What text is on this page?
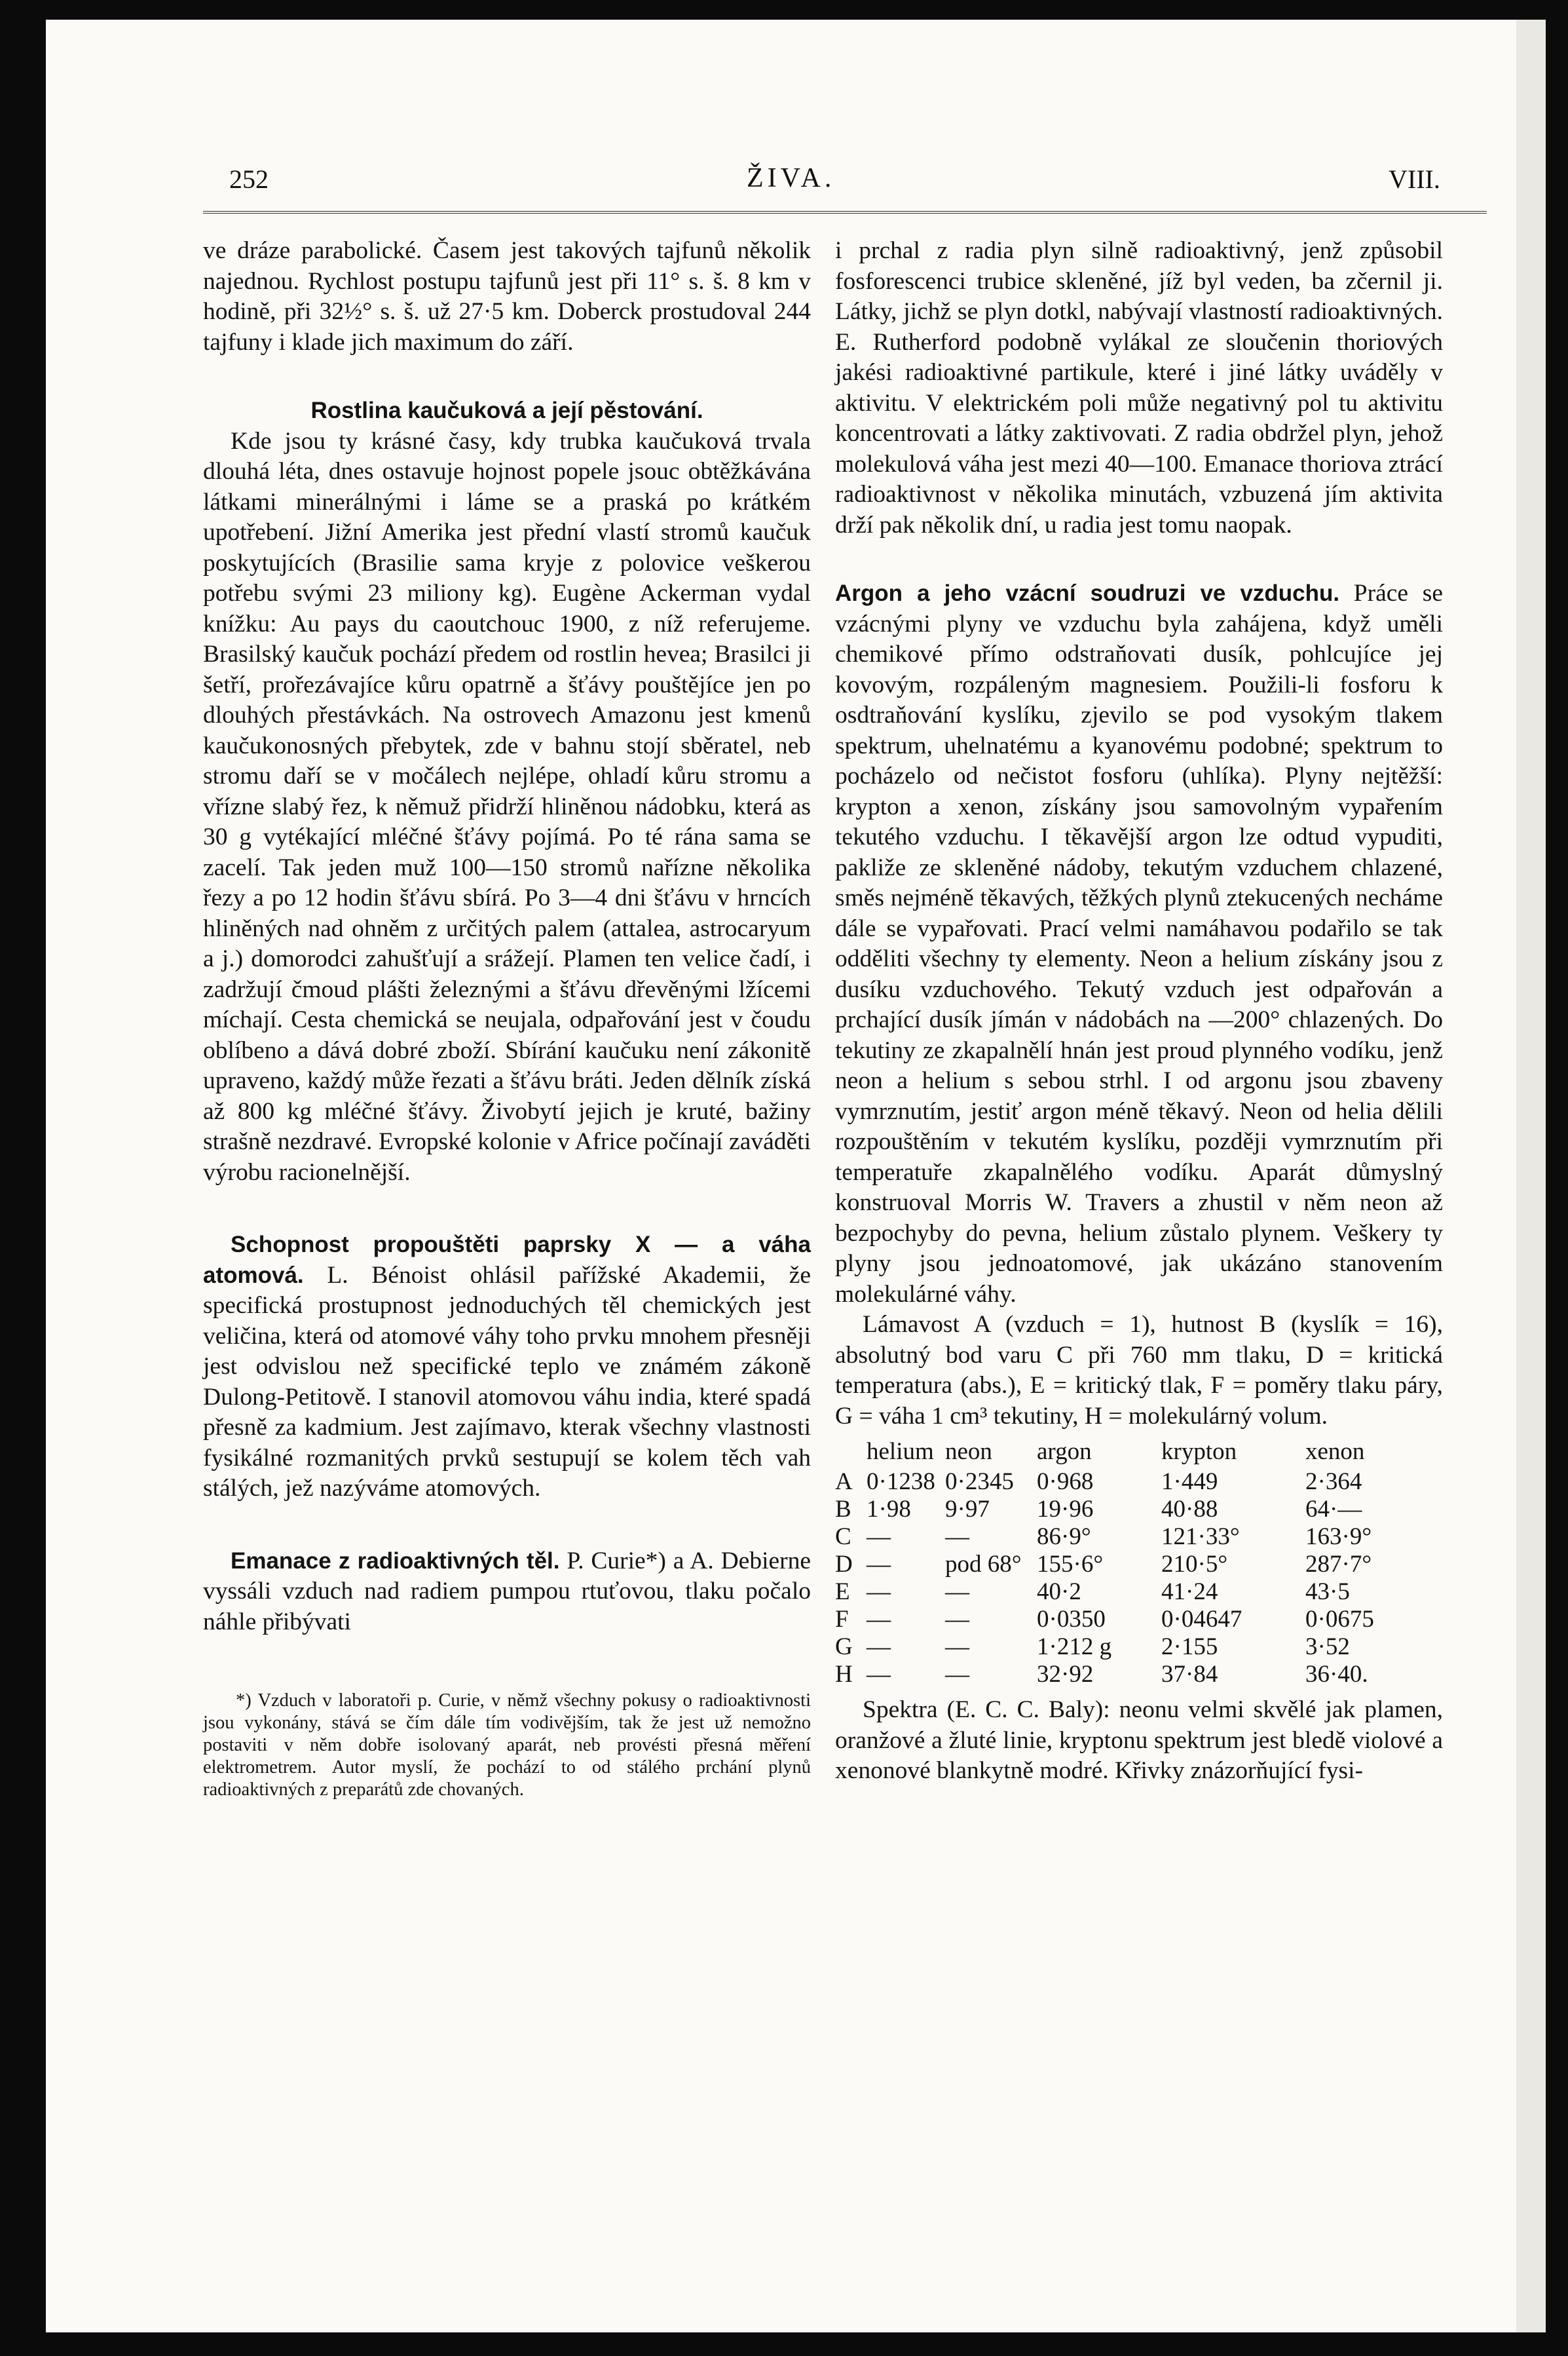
252	ŽIVA.	VIII.

ve dráze parabolické. Časem jest takových tajfunů několik najednou. Rychlost postupu tajfunů jest při 11° s. š. 8 km v hodině, při 32½° s. š. už 27·5 km. Doberck prostudoval 244 tajfuny i klade jich maximum do září.

Rostlina kaučuková a její pěstování.

Kde jsou ty krásné časy, kdy trubka kaučuková trvala dlouhá léta, dnes ostavuje hojnost popele jsouc obtěžkávána látkami minerálnými i láme se a praská po krátkém upotřebení. Jižní Amerika jest přední vlastí stromů kaučuk poskytujících (Brasilie sama kryje z polovice veškerou potřebu svými 23 miliony kg). Eugène Ackerman vydal knížku: Au pays du caoutchouc 1900, z níž referujeme. Brasilský kaučuk pochází předem od rostlin hevea; Brasilci ji šetří, prořezávajíce kůru opatrně a šťávy pouštějíce jen po dlouhých přestávkách. Na ostrovech Amazonu jest kmenů kaučukonosných přebytek, zde v bahnu stojí sběratel, neb stromu daří se v močálech nejlépe, ohladí kůru stromu a vřízne slabý řez, k němuž přidrží hliněnou nádobku, která as 30 g vytékající mléčné šťávy pojímá. Po té rána sama se zacelí. Tak jeden muž 100—150 stromů nařízne několika řezy a po 12 hodin šťávu sbírá. Po 3—4 dni šťávu v hrncích hliněných nad ohněm z určitých palem (attalea, astrocaryum a j.) domorodci zahušťují a srážejí. Plamen ten velice čadí, i zadržují čmoud plášti železnými a šťávu dřevěnými lžícemi míchají. Cesta chemická se neujala, odpařování jest v čoudu oblíbeno a dává dobré zboží. Sbírání kaučuku není zákonitě upraveno, každý může řezati a šťávu bráti. Jeden dělník získá až 800 kg mléčné šťávy. Živobytí jejich je kruté, bažiny strašně nezdravé. Evropské kolonie v Africe počínají zaváděti výrobu racionelnější.

Schopnost propouštěti paprsky X — a váha atomová. L. Bénoist ohlásil pařížské Akademii, že specifická prostupnost jednoduchých těl chemických jest veličina, která od atomové váhy toho prvku mnohem přesněji jest odvislou než specifické teplo ve známém zákoně Dulong-Petitově. I stanovil atomovou váhu india, které spadá přesně za kadmium. Jest zajímavo, kterak všechny vlastnosti fysikálné rozmanitých prvků sestupují se kolem těch vah stálých, jež nazýváme atomových.

Emanace z radioaktivných těl. P. Curie*) a A. Debierne vyssáli vzduch nad radiem pumpou rtuťovou, tlaku počalo náhle přibývati

*) Vzduch v laboratoři p. Curie, v němž všechny pokusy o radioaktivnosti jsou vykonány, stává se čím dále tím vodivějším, tak že jest už nemožno postaviti v něm dobře isolovaný aparát, neb provésti přesná měření elektrometrem. Autor myslí, že pochází to od stálého prchání plynů radioaktivných z preparátů zde chovaných.

i prchal z radia plyn silně radioaktivný, jenž způsobil fosforescenci trubice skleněné, jíž byl veden, ba zčernil ji. Látky, jichž se plyn dotkl, nabývají vlastností radioaktivných. E. Rutherford podobně vylákal ze sloučenin thoriových jakési radioaktivné partikule, které i jiné látky uváděly v aktivitu. V elektrickém poli může negativný pol tu aktivitu koncentrovati a látky zaktivovati. Z radia obdržel plyn, jehož molekulová váha jest mezi 40—100. Emanace thoriova ztrácí radioaktivnost v několika minutách, vzbuzená jím aktivita drží pak několik dní, u radia jest tomu naopak.

Argon a jeho vzácní soudruzi ve vzduchu. Práce se vzácnými plyny ve vzduchu byla zahájena, když uměli chemikové přímo odstraňovati dusík, pohlcujíce jej kovovým, rozpáleným magnesiem. Použili-li fosforu k osdtraňování kyslíku, zjevilo se pod vysokým tlakem spektrum, uhelnatému a kyanovému podobné; spektrum to pocházelo od nečistot fosforu (uhlíka). Plyny nejtěžší: krypton a xenon, získány jsou samovolným vypařením tekutého vzduchu. I těkavější argon lze odtud vypuditi, pakliže ze skleněné nádoby, tekutým vzduchem chlazené, směs nejméně těkavých, těžkých plynů ztekucených necháme dále se vypařovati. Prací velmi namáhavou podařilo se tak odděliti všechny ty elementy. Neon a helium získány jsou z dusíku vzduchového. Tekutý vzduch jest odpařován a prchající dusík jímán v nádobách na —200° chlazených. Do tekutiny ze zkapalnělí hnán jest proud plynného vodíku, jenž neon a helium s sebou strhl. I od argonu jsou zbaveny vymrznutím, jestiť argon méně těkavý. Neon od helia dělili rozpouštěním v tekutém kyslíku, později vymrznutím při temperatuře zkapalnělého vodíku. Aparát důmyslný konstruoval Morris W. Travers a zhustil v něm neon až bezpochyby do pevna, helium zůstalo plynem. Veškery ty plyny jsou jednoatomové, jak ukázáno stanovením molekulárné váhy.

Lámavost A (vzduch = 1), hutnost B (kyslík = 16), absolutný bod varu C při 760 mm tlaku, D = kritická temperatura (abs.), E = kritický tlak, F = poměry tlaku páry, G = váha 1 cm³ tekutiny, H = molekulárný volum.

	helium	neon	argon	krypton	xenon
A	0·1238	0·2345	0·968	1·449	2·364
B	1·98	9·97	19·96	40·88	64·—
C	—	—	86·9°	121·33°	163·9°
D	—	pod 68°	155·6°	210·5°	287·7°
E	—	—	40·2	41·24	43·5
F	—	—	0·0350	0·04647	0·0675
G	—	—	1·212 g	2·155	3·52
H	—	—	32·92	37·84	36·40.

Spektra (E. C. C. Baly): neonu velmi skvělé jak plamen, oranžové a žluté linie, kryptonu spektrum jest bledě violové a xenonové blankytně modré. Křivky znázorňující fysi-
